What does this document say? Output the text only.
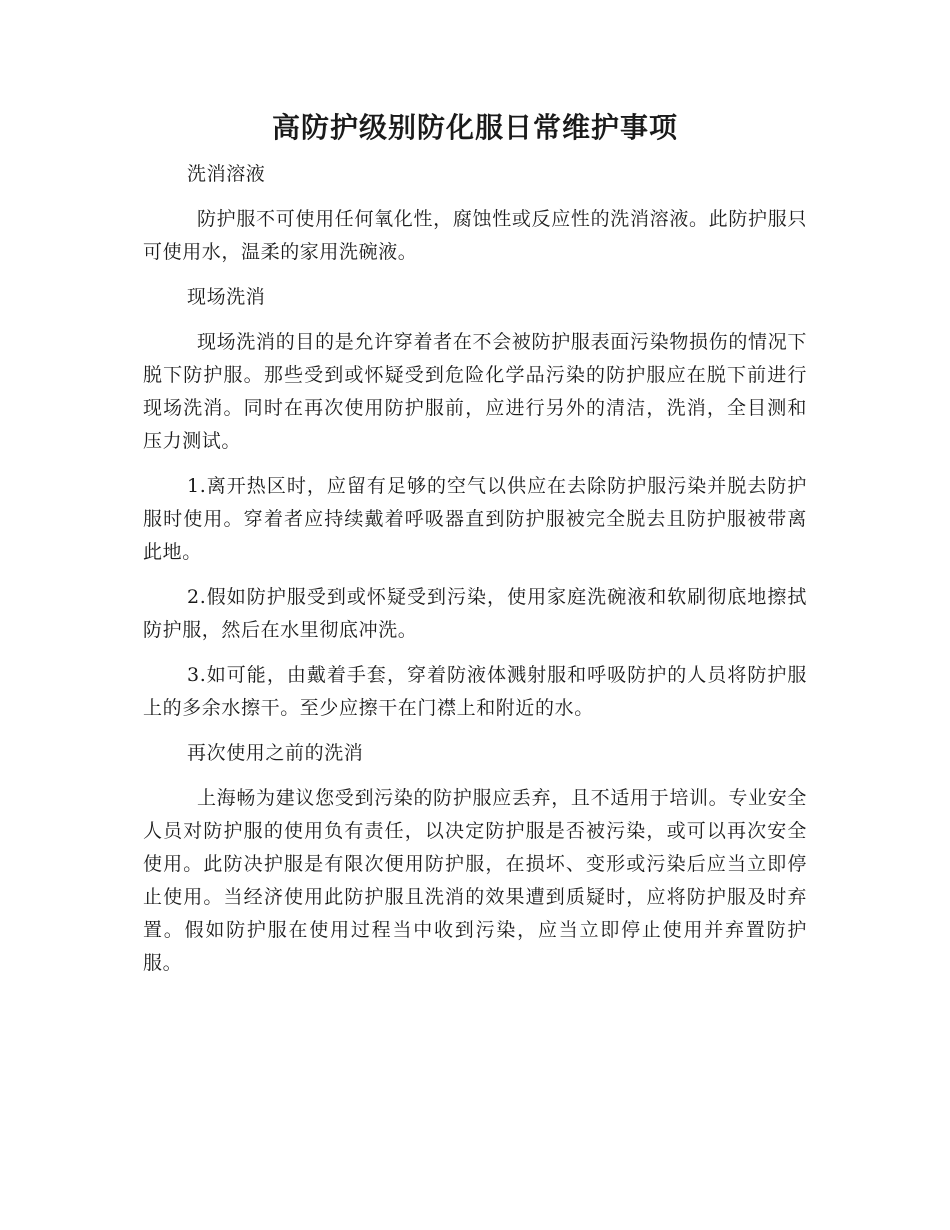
高防护级别防化服日常维护事项

洗消溶液

防护服不可使用任何氧化性，腐蚀性或反应性的洗消溶液。此防护服只可使用水，温柔的家用洗碗液。

现场洗消

现场洗消的目的是允许穿着者在不会被防护服表面污染物损伤的情况下脱下防护服。那些受到或怀疑受到危险化学品污染的防护服应在脱下前进行现场洗消。同时在再次使用防护服前，应进行另外的清洁，洗消，全目测和压力测试。

1.离开热区时，应留有足够的空气以供应在去除防护服污染并脱去防护服时使用。穿着者应持续戴着呼吸器直到防护服被完全脱去且防护服被带离此地。

2.假如防护服受到或怀疑受到污染，使用家庭洗碗液和软刷彻底地擦拭防护服，然后在水里彻底冲洗。

3.如可能，由戴着手套，穿着防液体溅射服和呼吸防护的人员将防护服上的多余水擦干。至少应擦干在门襟上和附近的水。

再次使用之前的洗消

上海畅为建议您受到污染的防护服应丢弃，且不适用于培训。专业安全人员对防护服的使用负有责任，以决定防护服是否被污染，或可以再次安全使用。此防决护服是有限次便用防护服，在损坏、变形或污染后应当立即停止使用。当经济使用此防护服且洗消的效果遭到质疑时，应将防护服及时弃置。假如防护服在使用过程当中收到污染，应当立即停止使用并弃置防护服。
